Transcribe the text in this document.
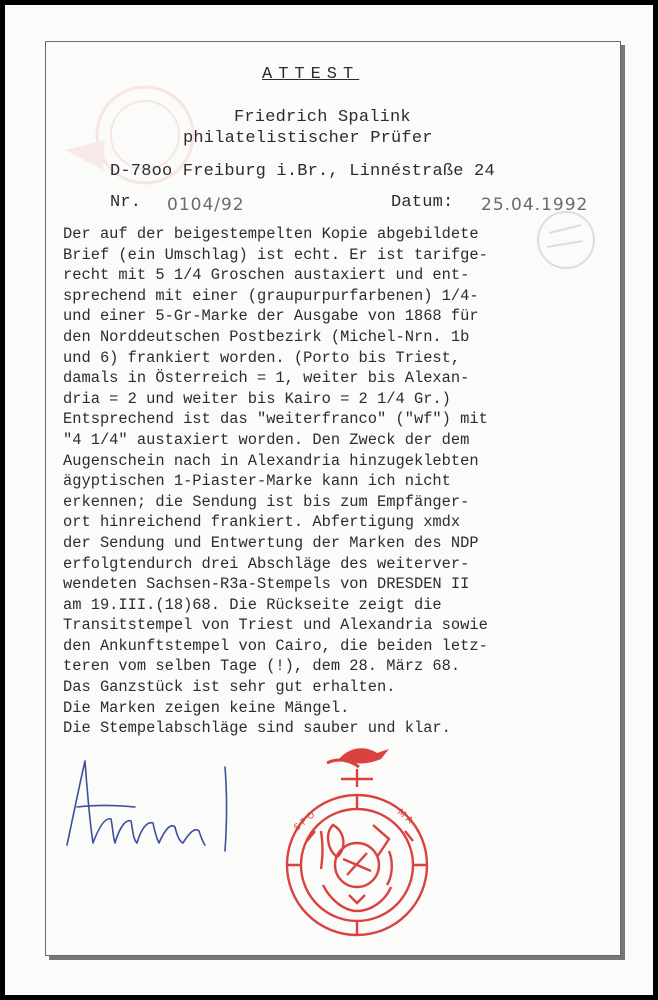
ATTEST
Friedrich Spalink
philatelistischer Prüfer
D-78oo Freiburg i.Br., Linnéstraße 24
Nr. 0104/92	Datum: 25.04.1992
Der auf der beigestempelten Kopie abgebildete
Brief (ein Umschlag) ist echt. Er ist tarifge-
recht mit 5 1/4 Groschen austaxiert und ent-
sprechend mit einer (graupurpurfarbenen) 1/4-
und einer 5-Gr-Marke der Ausgabe von 1868 für
den Norddeutschen Postbezirk (Michel-Nrn. 1b
und 6) frankiert worden. (Porto bis Triest,
damals in Österreich = 1, weiter bis Alexan-
dria = 2 und weiter bis Kairo = 2 1/4 Gr.)
Entsprechend ist das "weiterfranco" ("wf") mit
"4 1/4" austaxiert worden. Den Zweck der dem
Augenschein nach in Alexandria hinzugeklebten
ägyptischen 1-Piaster-Marke kann ich nicht
erkennen; die Sendung ist bis zum Empfänger-
ort hinreichend frankiert. Abfertigung xmdx
der Sendung und Entwertung der Marken des NDP
erfolgtendurch drei Abschläge des weiterver-
wendeten Sachsen-R3a-Stempels von DRESDEN II
am 19.III.(18)68. Die Rückseite zeigt die
Transitstempel von Triest und Alexandria sowie
den Ankunftstempel von Cairo, die beiden letz-
teren vom selben Tage (!), dem 28. März 68.
Das Ganzstück ist sehr gut erhalten.
Die Marken zeigen keine Mängel.
Die Stempelabschläge sind sauber und klar.
S P O	M A
